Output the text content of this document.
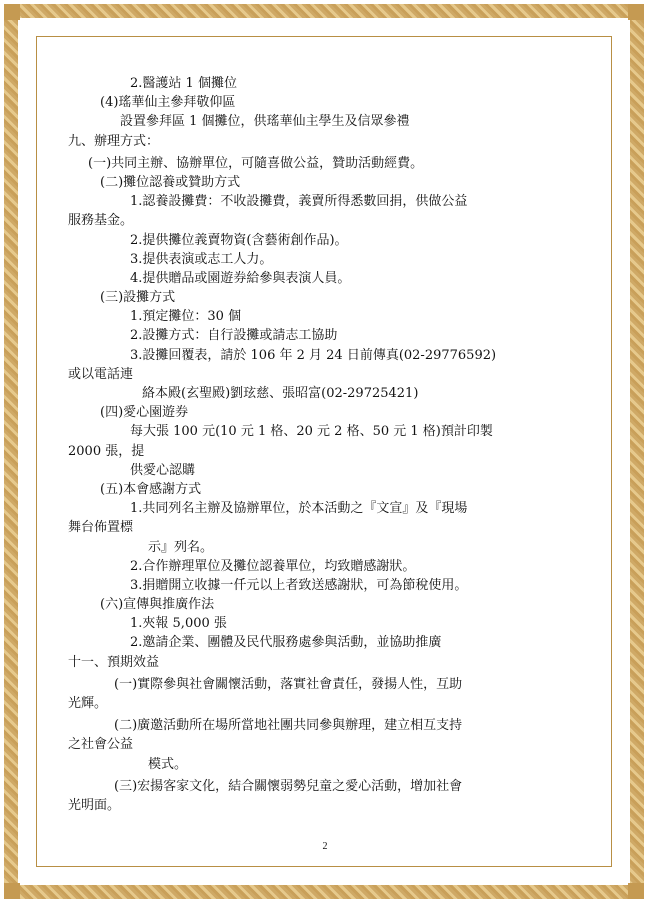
2.醫護站 1 個攤位
(4)瑤華仙主參拜敬仰區
設置參拜區 1 個攤位，供瑤華仙主學生及信眾參禮
九、辦理方式：
(一)共同主辦、協辦單位，可隨喜做公益，贊助活動經費。
(二)攤位認養或贊助方式
1.認養設攤費：不收設攤費，義賣所得悉數回捐，供做公益
服務基金。
2.提供攤位義賣物資(含藝術創作品)。
3.提供表演或志工人力。
4.提供贈品或園遊券給參與表演人員。
(三)設攤方式
1.預定攤位：30 個
2.設攤方式：自行設攤或請志工協助
3.設攤回覆表，請於 106 年 2 月 24 日前傳真(02-29776592)
或以電話連
絡本殿(玄聖殿)劉玹慈、張昭富(02-29725421)
(四)愛心園遊券
每大張 100 元(10 元 1 格、20 元 2 格、50 元 1 格)預計印製
2000 張，提
供愛心認購
(五)本會感謝方式
1.共同列名主辦及協辦單位，於本活動之『文宣』及『現場
舞台佈置標
示』列名。
2.合作辦理單位及攤位認養單位，均致贈感謝狀。
3.捐贈開立收據一仟元以上者致送感謝狀，可為節稅使用。
(六)宣傳與推廣作法
1.夾報 5,000 張
2.邀請企業、團體及民代服務處參與活動，並協助推廣
十一、預期效益
(一)實際參與社會關懷活動，落實社會責任，發揚人性，互助
光輝。
(二)廣邀活動所在場所當地社團共同參與辦理，建立相互支持
之社會公益
模式。
(三)宏揚客家文化，結合關懷弱勢兒童之愛心活動，增加社會
光明面。
2
